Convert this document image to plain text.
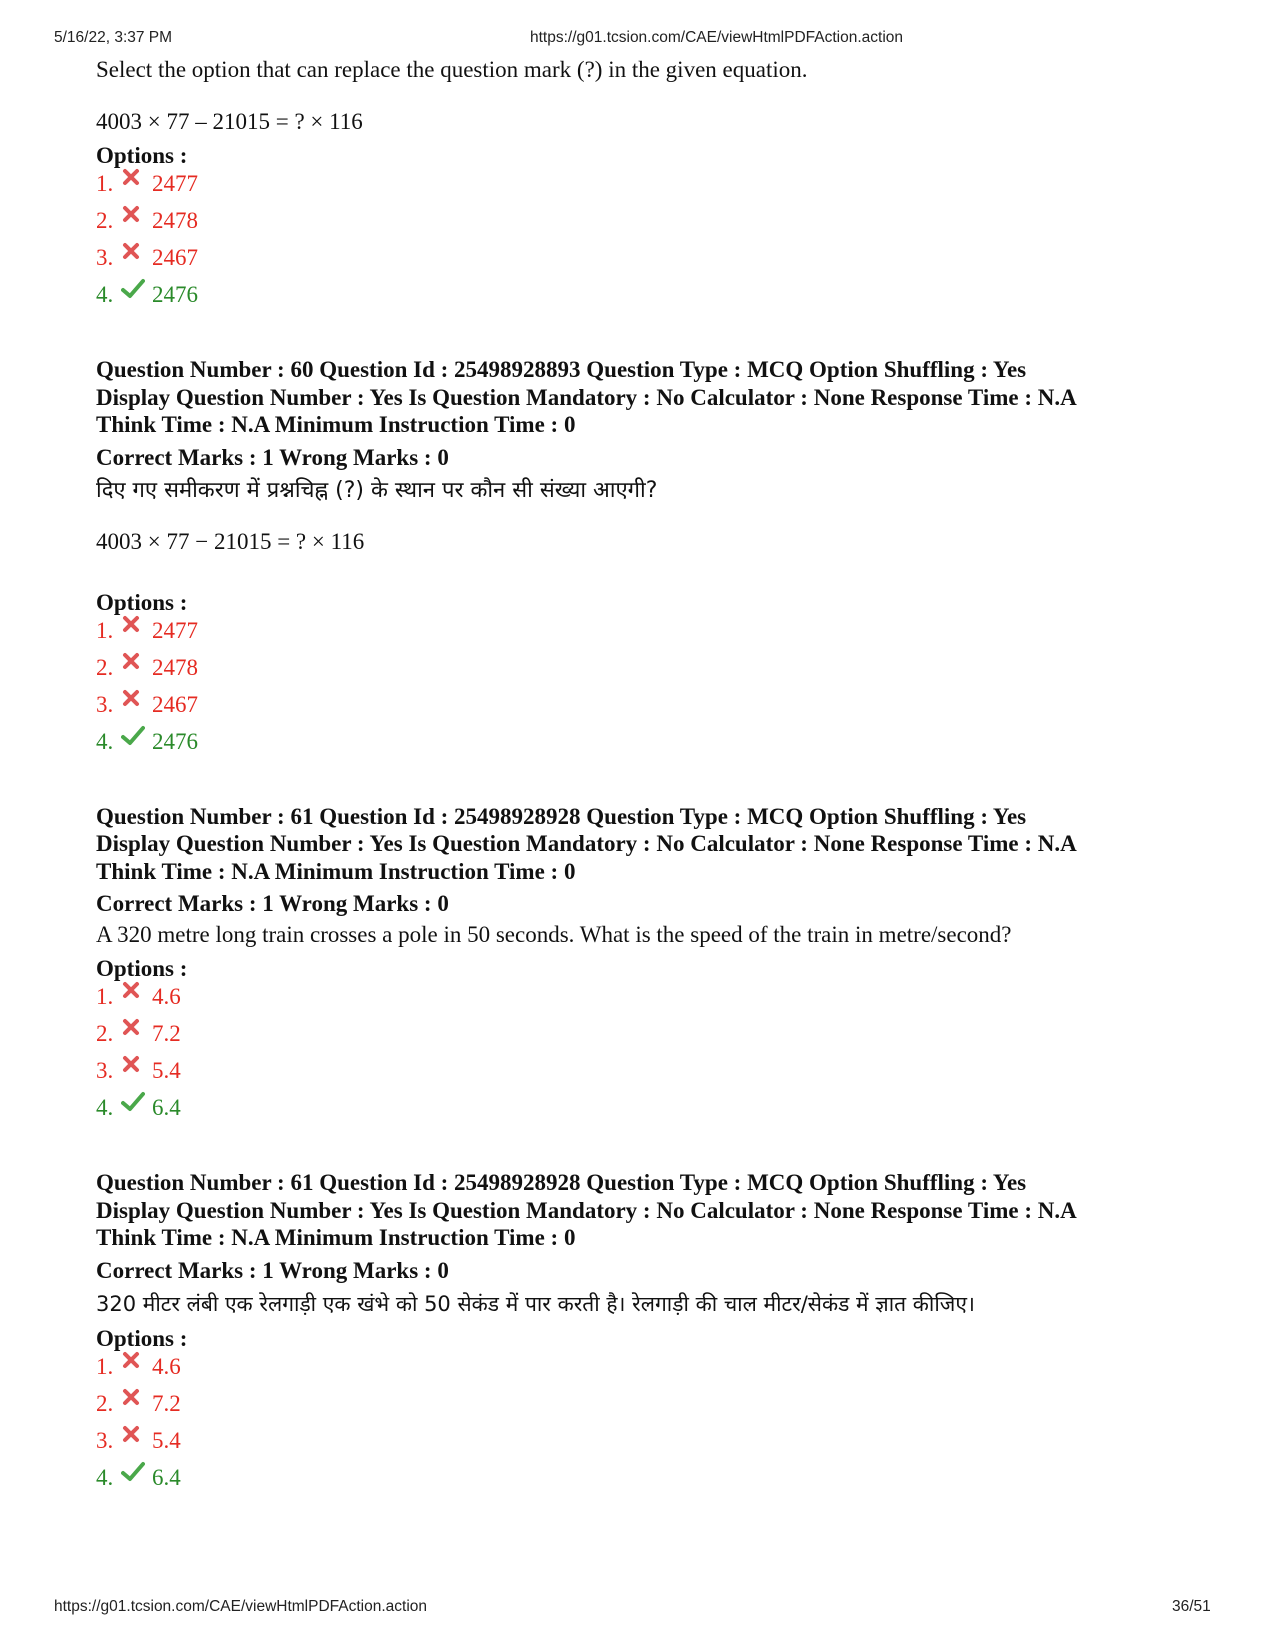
5/16/22, 3:37 PM	https://g01.tcsion.com/CAE/viewHtmlPDFAction.action

Select the option that can replace the question mark (?) in the given equation.

4003 × 77 – 21015 = ? × 116

Options :

1.	2477
2.	2478
3.	2467
4.	2476

Question Number : 60 Question Id : 25498928893 Question Type : MCQ Option Shuffling : Yes

Display Question Number : Yes Is Question Mandatory : No Calculator : None Response Time : N.A

Think Time : N.A Minimum Instruction Time : 0

Correct Marks : 1 Wrong Marks : 0

दिए गए समीकरण में प्रश्नचिह्न (?) के स्थान पर कौन सी संख्या आएगी?

4003 × 77 − 21015 = ? × 116

Options :

1.	2477
2.	2478
3.	2467
4.	2476

Question Number : 61 Question Id : 25498928928 Question Type : MCQ Option Shuffling : Yes

Display Question Number : Yes Is Question Mandatory : No Calculator : None Response Time : N.A

Think Time : N.A Minimum Instruction Time : 0

Correct Marks : 1 Wrong Marks : 0

A 320 metre long train crosses a pole in 50 seconds. What is the speed of the train in metre/second?

Options :

1.	4.6
2.	7.2
3.	5.4
4.	6.4

Question Number : 61 Question Id : 25498928928 Question Type : MCQ Option Shuffling : Yes

Display Question Number : Yes Is Question Mandatory : No Calculator : None Response Time : N.A

Think Time : N.A Minimum Instruction Time : 0

Correct Marks : 1 Wrong Marks : 0

320 मीटर लंबी एक रेलगाड़ी एक खंभे को 50 सेकंड में पार करती है। रेलगाड़ी की चाल मीटर/सेकंड में ज्ञात कीजिए।

Options :

1.	4.6
2.	7.2
3.	5.4
4.	6.4
https://g01.tcsion.com/CAE/viewHtmlPDFAction.action	36/51
